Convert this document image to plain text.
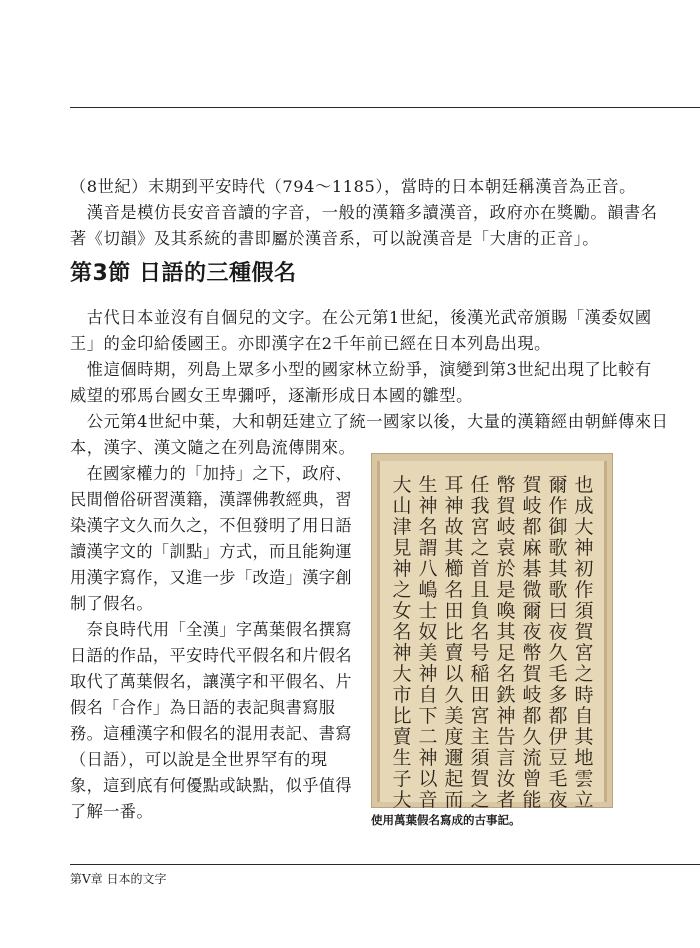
（8世紀）末期到平安時代（794～1185），當時的日本朝廷稱漢音為正音。
　漢音是模仿長安音音讀的字音，一般的漢籍多讀漢音，政府亦在獎勵。韻書名
著《切韻》及其系統的書即屬於漢音系，可以說漢音是「大唐的正音」。
第3節 日語的三種假名
　古代日本並沒有自個兒的文字。在公元第1世紀，後漢光武帝頒賜「漢委奴國
王」的金印給倭國王。亦即漢字在2千年前已經在日本列島出現。
　惟這個時期，列島上眾多小型的國家林立紛爭，演變到第3世紀出現了比較有
威望的邪馬台國女王卑彌呼，逐漸形成日本國的雛型。
　公元第4世紀中葉，大和朝廷建立了統一國家以後，大量的漢籍經由朝鮮傳來日
本，漢字、漢文隨之在列島流傳開來。
　在國家權力的「加持」之下，政府、
民間僧俗研習漢籍，漢譯佛教經典，習
染漢字文久而久之，不但發明了用日語
讀漢字文的「訓點」方式，而且能夠運
用漢字寫作，又進一步「改造」漢字創
制了假名。
　奈良時代用「全漢」字萬葉假名撰寫
日語的作品，平安時代平假名和片假名
取代了萬葉假名，讓漢字和平假名、片
假名「合作」為日語的表記與書寫服
務。這種漢字和假名的混用表記、書寫
（日語），可以說是全世界罕有的現
象，這到底有何優點或缺點，似乎值得
了解一番。
也成大神初作須賀宮之時自其地雲立
爾作御歌其歌曰夜久毛多都伊豆毛夜
賀岐都麻碁微爾夜幣賀岐都久流曾能
幣賀岐袁於是喚其足名鉄神告言汝者
任我宮之首且負名号稲田宮主須賀之
耳神故其櫛名田比賣以久美度邇起而
生神名謂八嶋士奴美神自下二神以音
大山津見神之女名神大市比賣生子大

使用萬葉假名寫成的古事記。

第Ⅴ章 日本的文字
